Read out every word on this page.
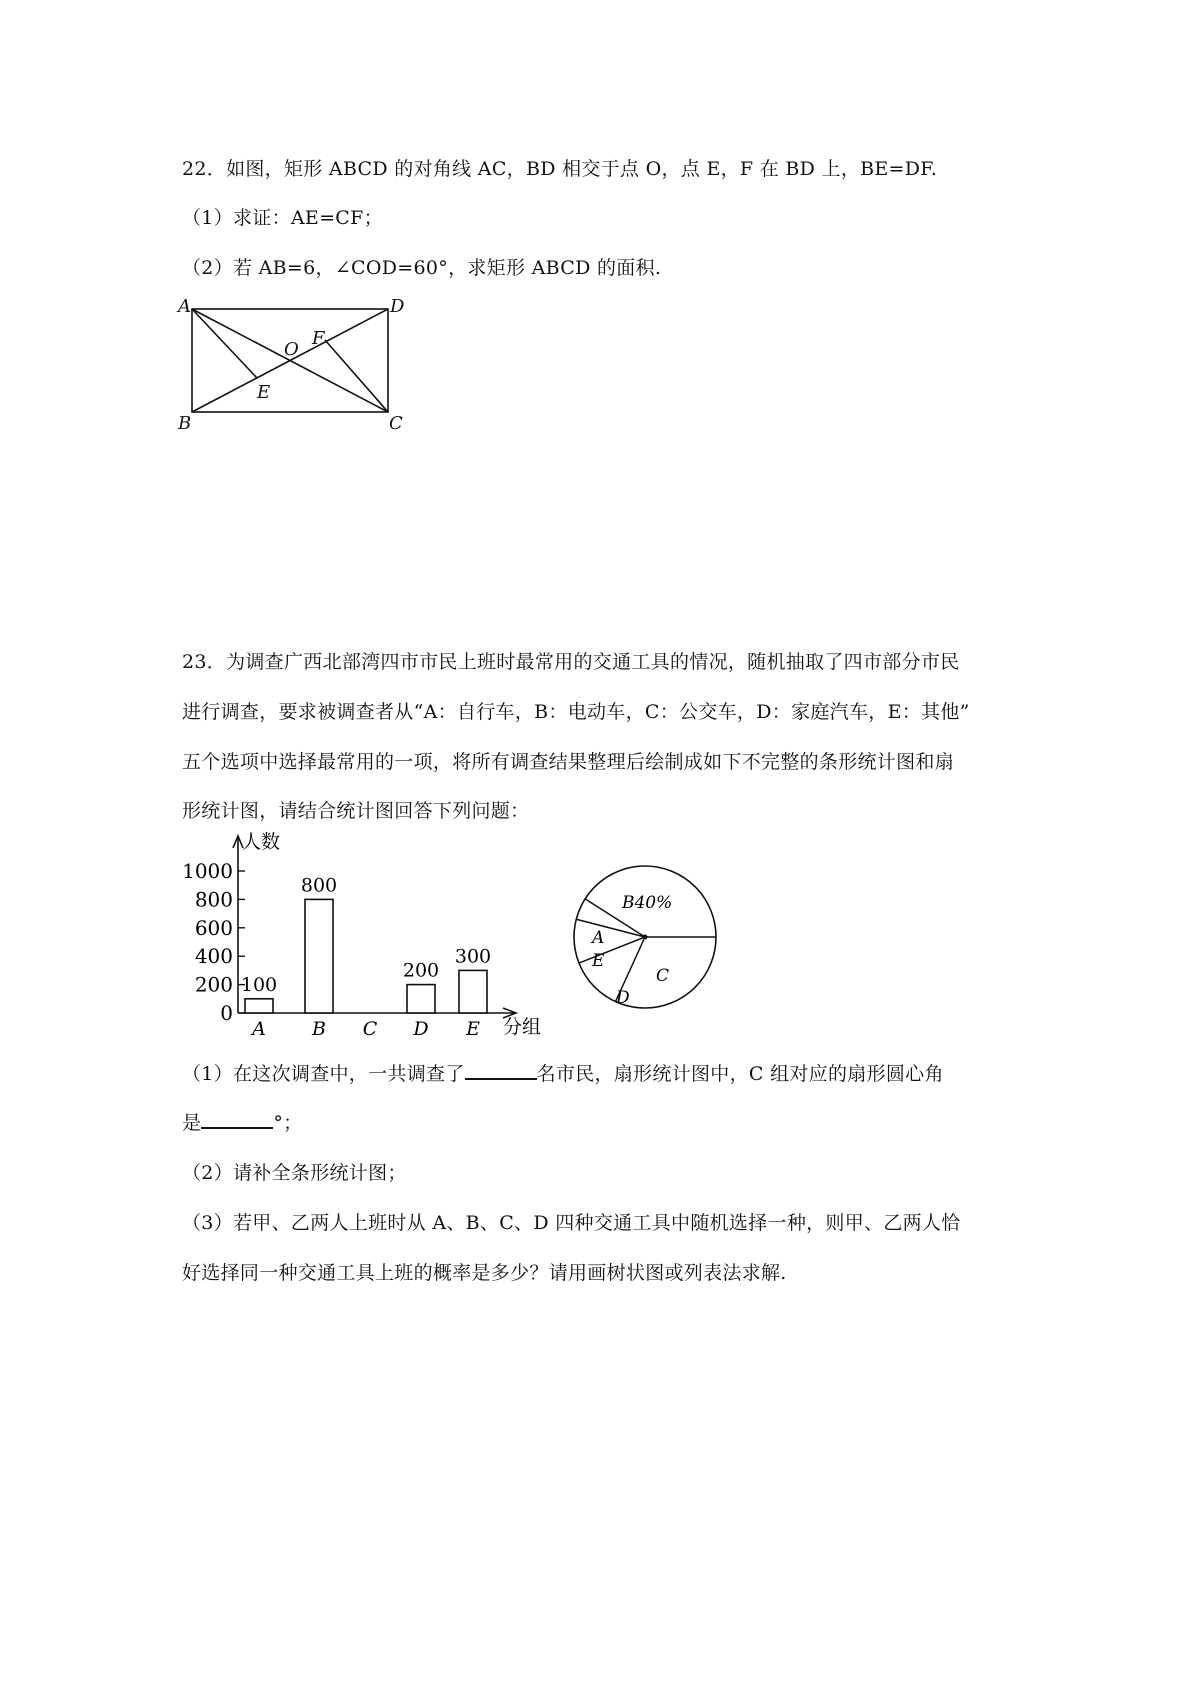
22．如图，矩形 ABCD 的对角线 AC，BD 相交于点 O，点 E，F 在 BD 上，BE=DF.
（1）求证：AE=CF；
（2）若 AB=6，∠COD=60°，求矩形 ABCD 的面积.
A	D
B	C
O
F
E
23．为调查广西北部湾四市市民上班时最常用的交通工具的情况，随机抽取了四市部分市民
进行调查，要求被调查者从“A：自行车，B：电动车，C：公交车，D：家庭汽车，E：其他”
五个选项中选择最常用的一项，将所有调查结果整理后绘制成如下不完整的条形统计图和扇
形统计图，请结合统计图回答下列问题：
人数
分组
0
200
400
600
800
1000
100
A
800
B C
200
D
300
E
B40%
A
E
D
C
（1）在这次调查中，一共调查了	名市民，扇形统计图中，C 组对应的扇形圆心角
是	°；
（2）请补全条形统计图；
（3）若甲、乙两人上班时从 A、B、C、D 四种交通工具中随机选择一种，则甲、乙两人恰
好选择同一种交通工具上班的概率是多少？请用画树状图或列表法求解.
